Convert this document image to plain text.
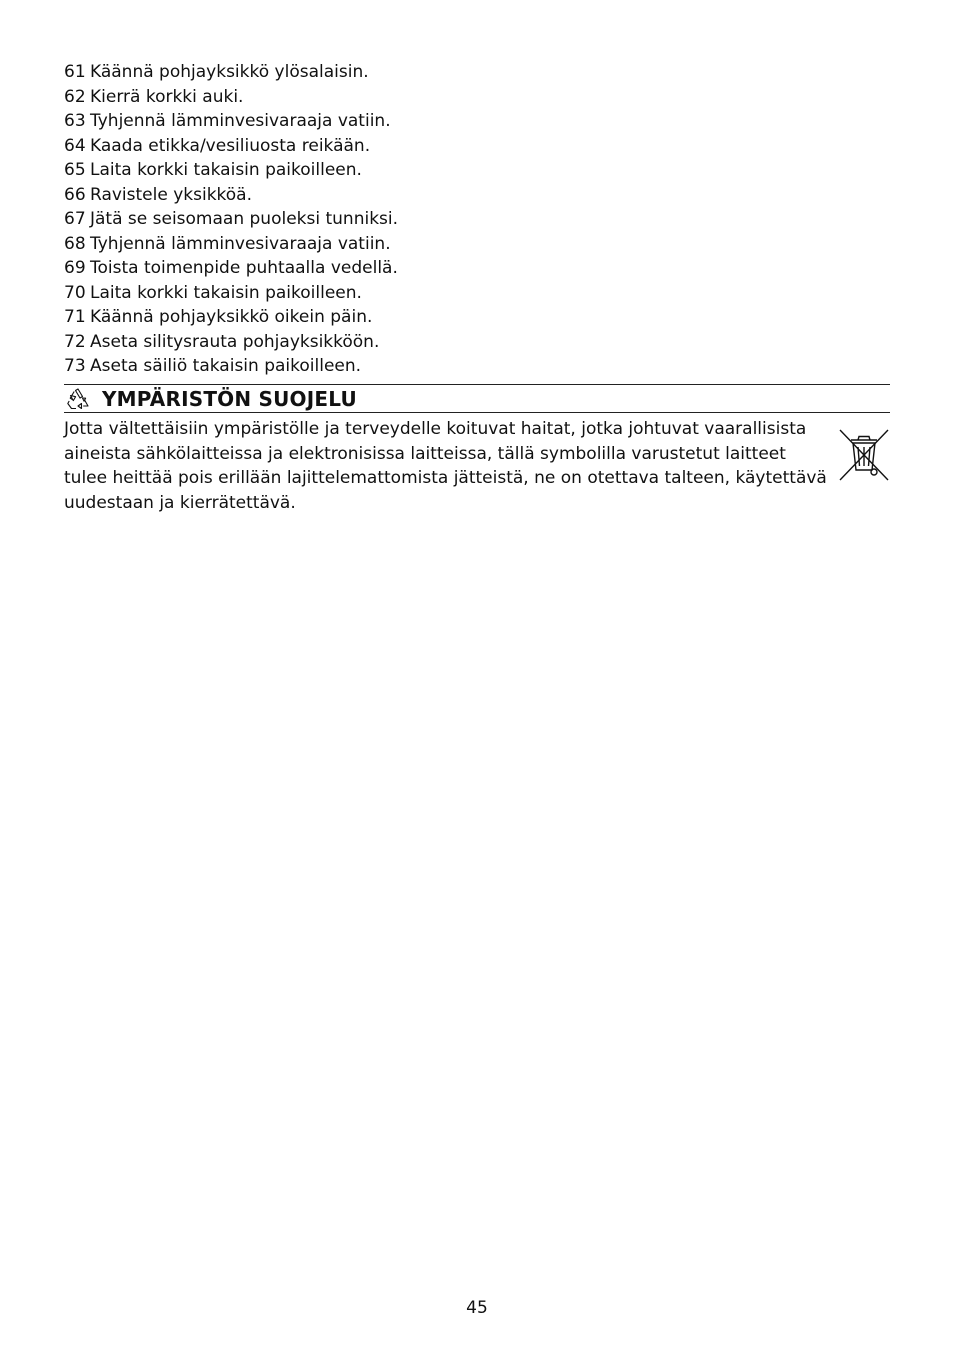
61 Käännä pohjayksikkö ylösalaisin.
62 Kierrä korkki auki.
63 Tyhjennä lämminvesivaraaja vatiin.
64 Kaada etikka/vesiliuosta reikään.
65 Laita korkki takaisin paikoilleen.
66 Ravistele yksikköä.
67 Jätä se seisomaan puoleksi tunniksi.
68 Tyhjennä lämminvesivaraaja vatiin.
69 Toista toimenpide puhtaalla vedellä.
70 Laita korkki takaisin paikoilleen.
71 Käännä pohjayksikkö oikein päin.
72 Aseta silitysrauta pohjayksikköön.
73 Aseta säiliö takaisin paikoilleen.
YMPÄRISTÖN SUOJELU

Jotta vältettäisiin ympäristölle ja terveydelle koituvat haitat, jotka johtuvat vaarallisista aineista sähkölaitteissa ja elektronisissa laitteissa, tällä symbolilla varustetut laitteet tulee heittää pois erillään lajittelemattomista jätteistä, ne on otettava talteen, käytettävä uudestaan ja kierrätettävä.

45
